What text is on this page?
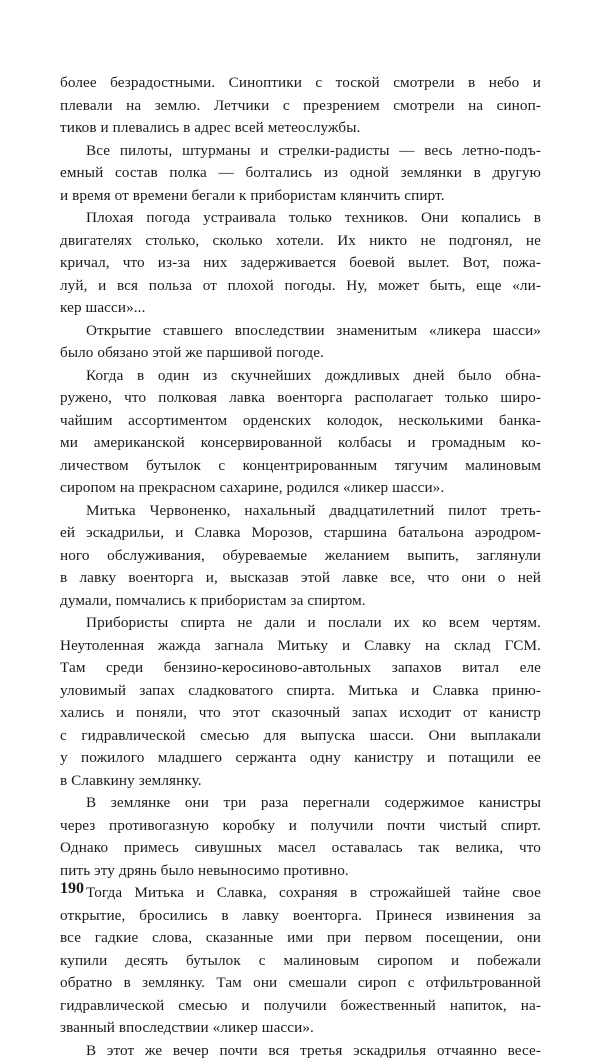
более безрадостными. Синоптики с тоской смотрели в небо и
плевали на землю. Летчики с презрением смотрели на синоп-
тиков и плевались в адрес всей метеослужбы.
Все пилоты, штурманы и стрелки-радисты — весь летно-подъ-
емный состав полка — болтались из одной землянки в другую
и время от времени бегали к прибористам клянчить спирт.
Плохая погода устраивала только техников. Они копались в
двигателях столько, сколько хотели. Их никто не подгонял, не
кричал, что из-за них задерживается боевой вылет. Вот, пожа-
луй, и вся польза от плохой погоды. Ну, может быть, еще «ли-
кер шасси»...
Открытие ставшего впоследствии знаменитым «ликера шасси»
было обязано этой же паршивой погоде.
Когда в один из скучнейших дождливых дней было обна-
ружено, что полковая лавка военторга располагает только широ-
чайшим ассортиментом орденских колодок, несколькими банка-
ми американской консервированной колбасы и громадным ко-
личеством бутылок с концентрированным тягучим малиновым
сиропом на прекрасном сахарине, родился «ликер шасси».
Митька Червоненко, нахальный двадцатилетний пилот треть-
ей эскадрильи, и Славка Морозов, старшина батальона аэродром-
ного обслуживания, обуреваемые желанием выпить, заглянули
в лавку военторга и, высказав этой лавке все, что они о ней
думали, помчались к прибористам за спиртом.
Прибористы спирта не дали и послали их ко всем чертям.
Неутоленная жажда загнала Митьку и Славку на склад ГСМ.
Там среди бензино-керосиново-автольных запахов витал еле
уловимый запах сладковатого спирта. Митька и Славка приню-
хались и поняли, что этот сказочный запах исходит от канистр
с гидравлической смесью для выпуска шасси. Они выплакали
у пожилого младшего сержанта одну канистру и потащили ее
в Славкину землянку.
В землянке они три раза перегнали содержимое канистры
через противогазную коробку и получили почти чистый спирт.
Однако примесь сивушных масел оставалась так велика, что
пить эту дрянь было невыносимо противно.
Тогда Митька и Славка, сохраняя в строжайшей тайне свое
открытие, бросились в лавку военторга. Принеся извинения за
все гадкие слова, сказанные ими при первом посещении, они
купили десять бутылок с малиновым сиропом и побежали
обратно в землянку. Там они смешали сироп с отфильтрованной
гидравлической смесью и получили божественный напиток, на-
званный впоследствии «ликер шасси».
В этот же вечер почти вся третья эскадрилья отчаянно весе-
190
